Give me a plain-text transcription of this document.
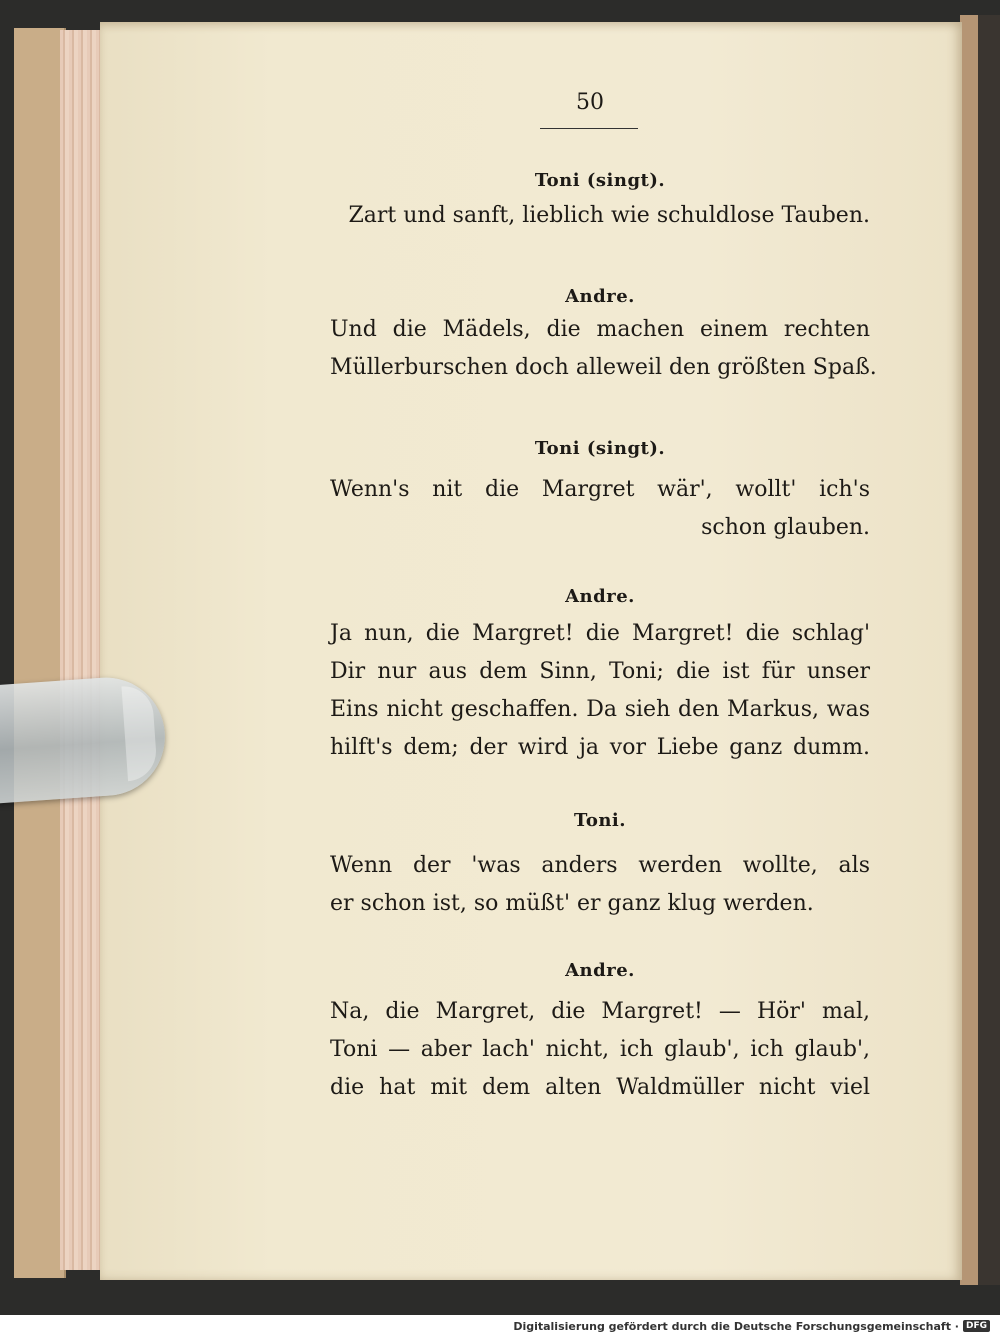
50
Toni (singt).
Zart und sanft, lieblich wie schuldlose Tauben.
Andre.
Und die Mädels, die machen einem rechten
Müllerburschen doch alleweil den größten Spaß.
Toni (singt).
Wenn's nit die Margret wär', wollt' ich's
schon glauben.
Andre.
Ja nun, die Margret! die Margret! die schlag'
Dir nur aus dem Sinn, Toni; die ist für unser
Eins nicht geschaffen. Da sieh den Markus, was
hilft's dem; der wird ja vor Liebe ganz dumm.
Toni.
Wenn der 'was anders werden wollte, als
er schon ist, so müßt' er ganz klug werden.
Andre.
Na, die Margret, die Margret! — Hör' mal,
Toni — aber lach' nicht, ich glaub', ich glaub',
die hat mit dem alten Waldmüller nicht viel
Digitalisierung gefördert durch die Deutsche Forschungsgemeinschaft · DFG
